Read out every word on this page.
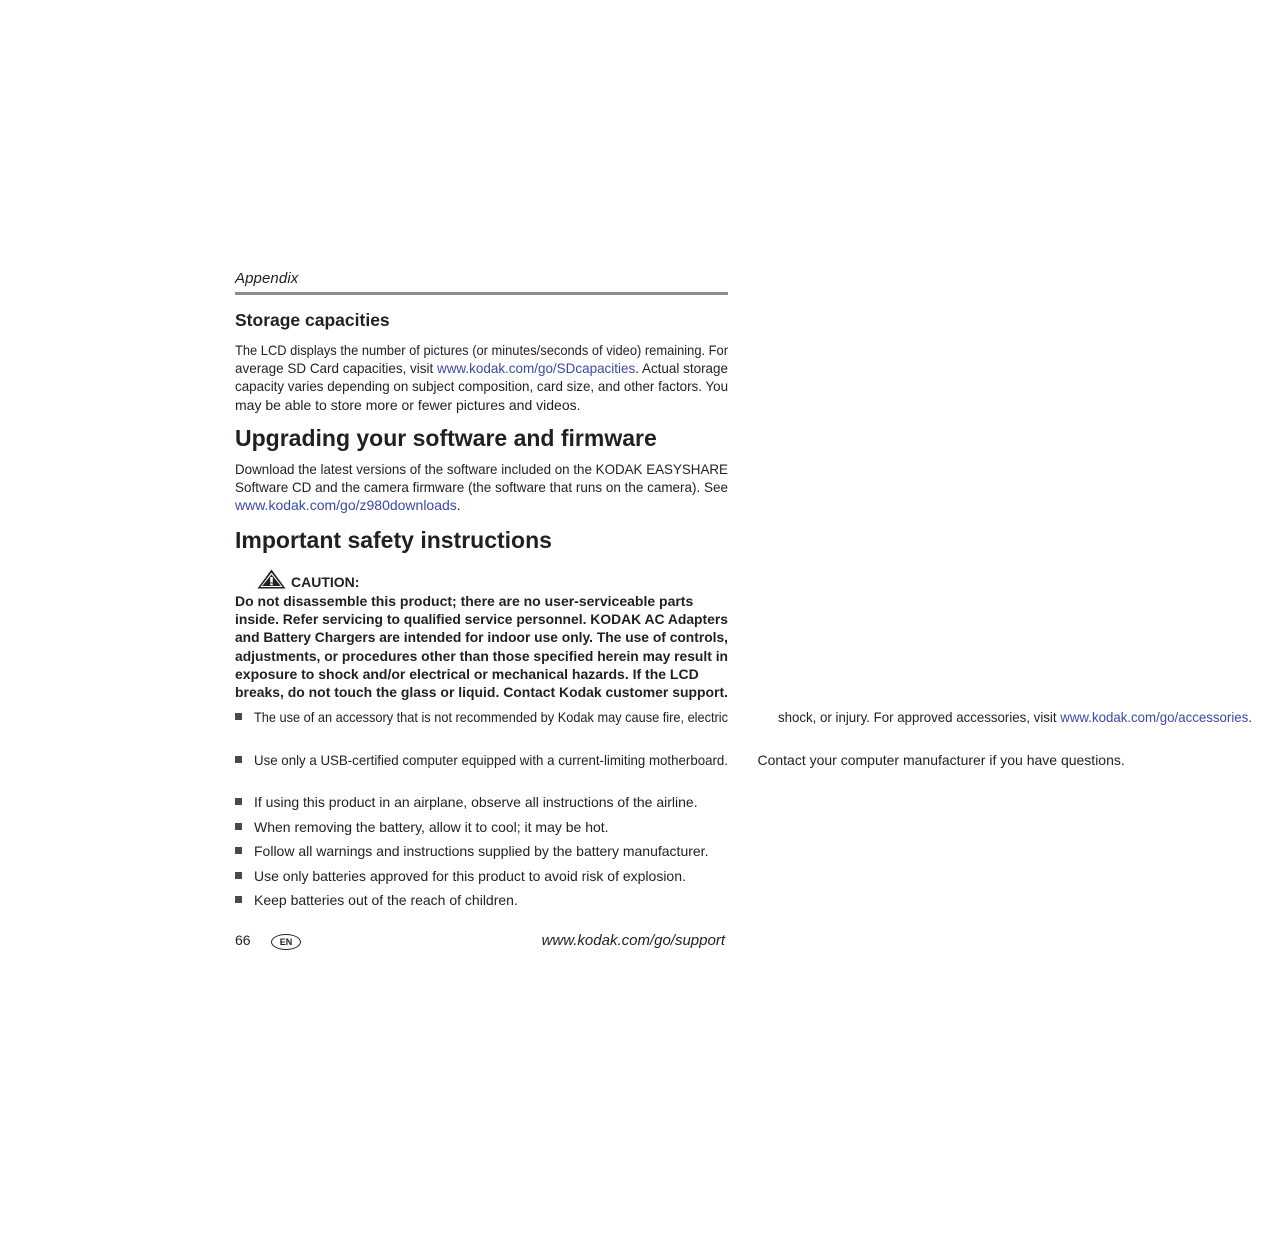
Appendix
Storage capacities

The LCD displays the number of pictures (or minutes/seconds of video) remaining. For

average SD Card capacities, visit www.kodak.com/go/SDcapacities. Actual storage

capacity varies depending on subject composition, card size, and other factors. You

may be able to store more or fewer pictures and videos.

Upgrading your software and firmware

Download the latest versions of the software included on the KODAK EASYSHARE

Software CD and the camera firmware (the software that runs on the camera). See

www.kodak.com/go/z980downloads.

Important safety instructions
CAUTION:

Do not disassemble this product; there are no user-serviceable parts

inside. Refer servicing to qualified service personnel. KODAK AC Adapters

and Battery Chargers are intended for indoor use only. The use of controls,

adjustments, or procedures other than those specified herein may result in

exposure to shock and/or electrical or mechanical hazards. If the LCD

breaks, do not touch the glass or liquid. Contact Kodak customer support.

The use of an accessory that is not recommended by Kodak may cause fire, electric	shock, or injury. For approved accessories, visit www.kodak.com/go/accessories.
Use only a USB-certified computer equipped with a current-limiting motherboard. Contact your computer manufacturer if you have questions.
If using this product in an airplane, observe all instructions of the airline.
When removing the battery, allow it to cool; it may be hot.
Follow all warnings and instructions supplied by the battery manufacturer.
Use only batteries approved for this product to avoid risk of explosion.
Keep batteries out of the reach of children.
66	EN	www.kodak.com/go/support
